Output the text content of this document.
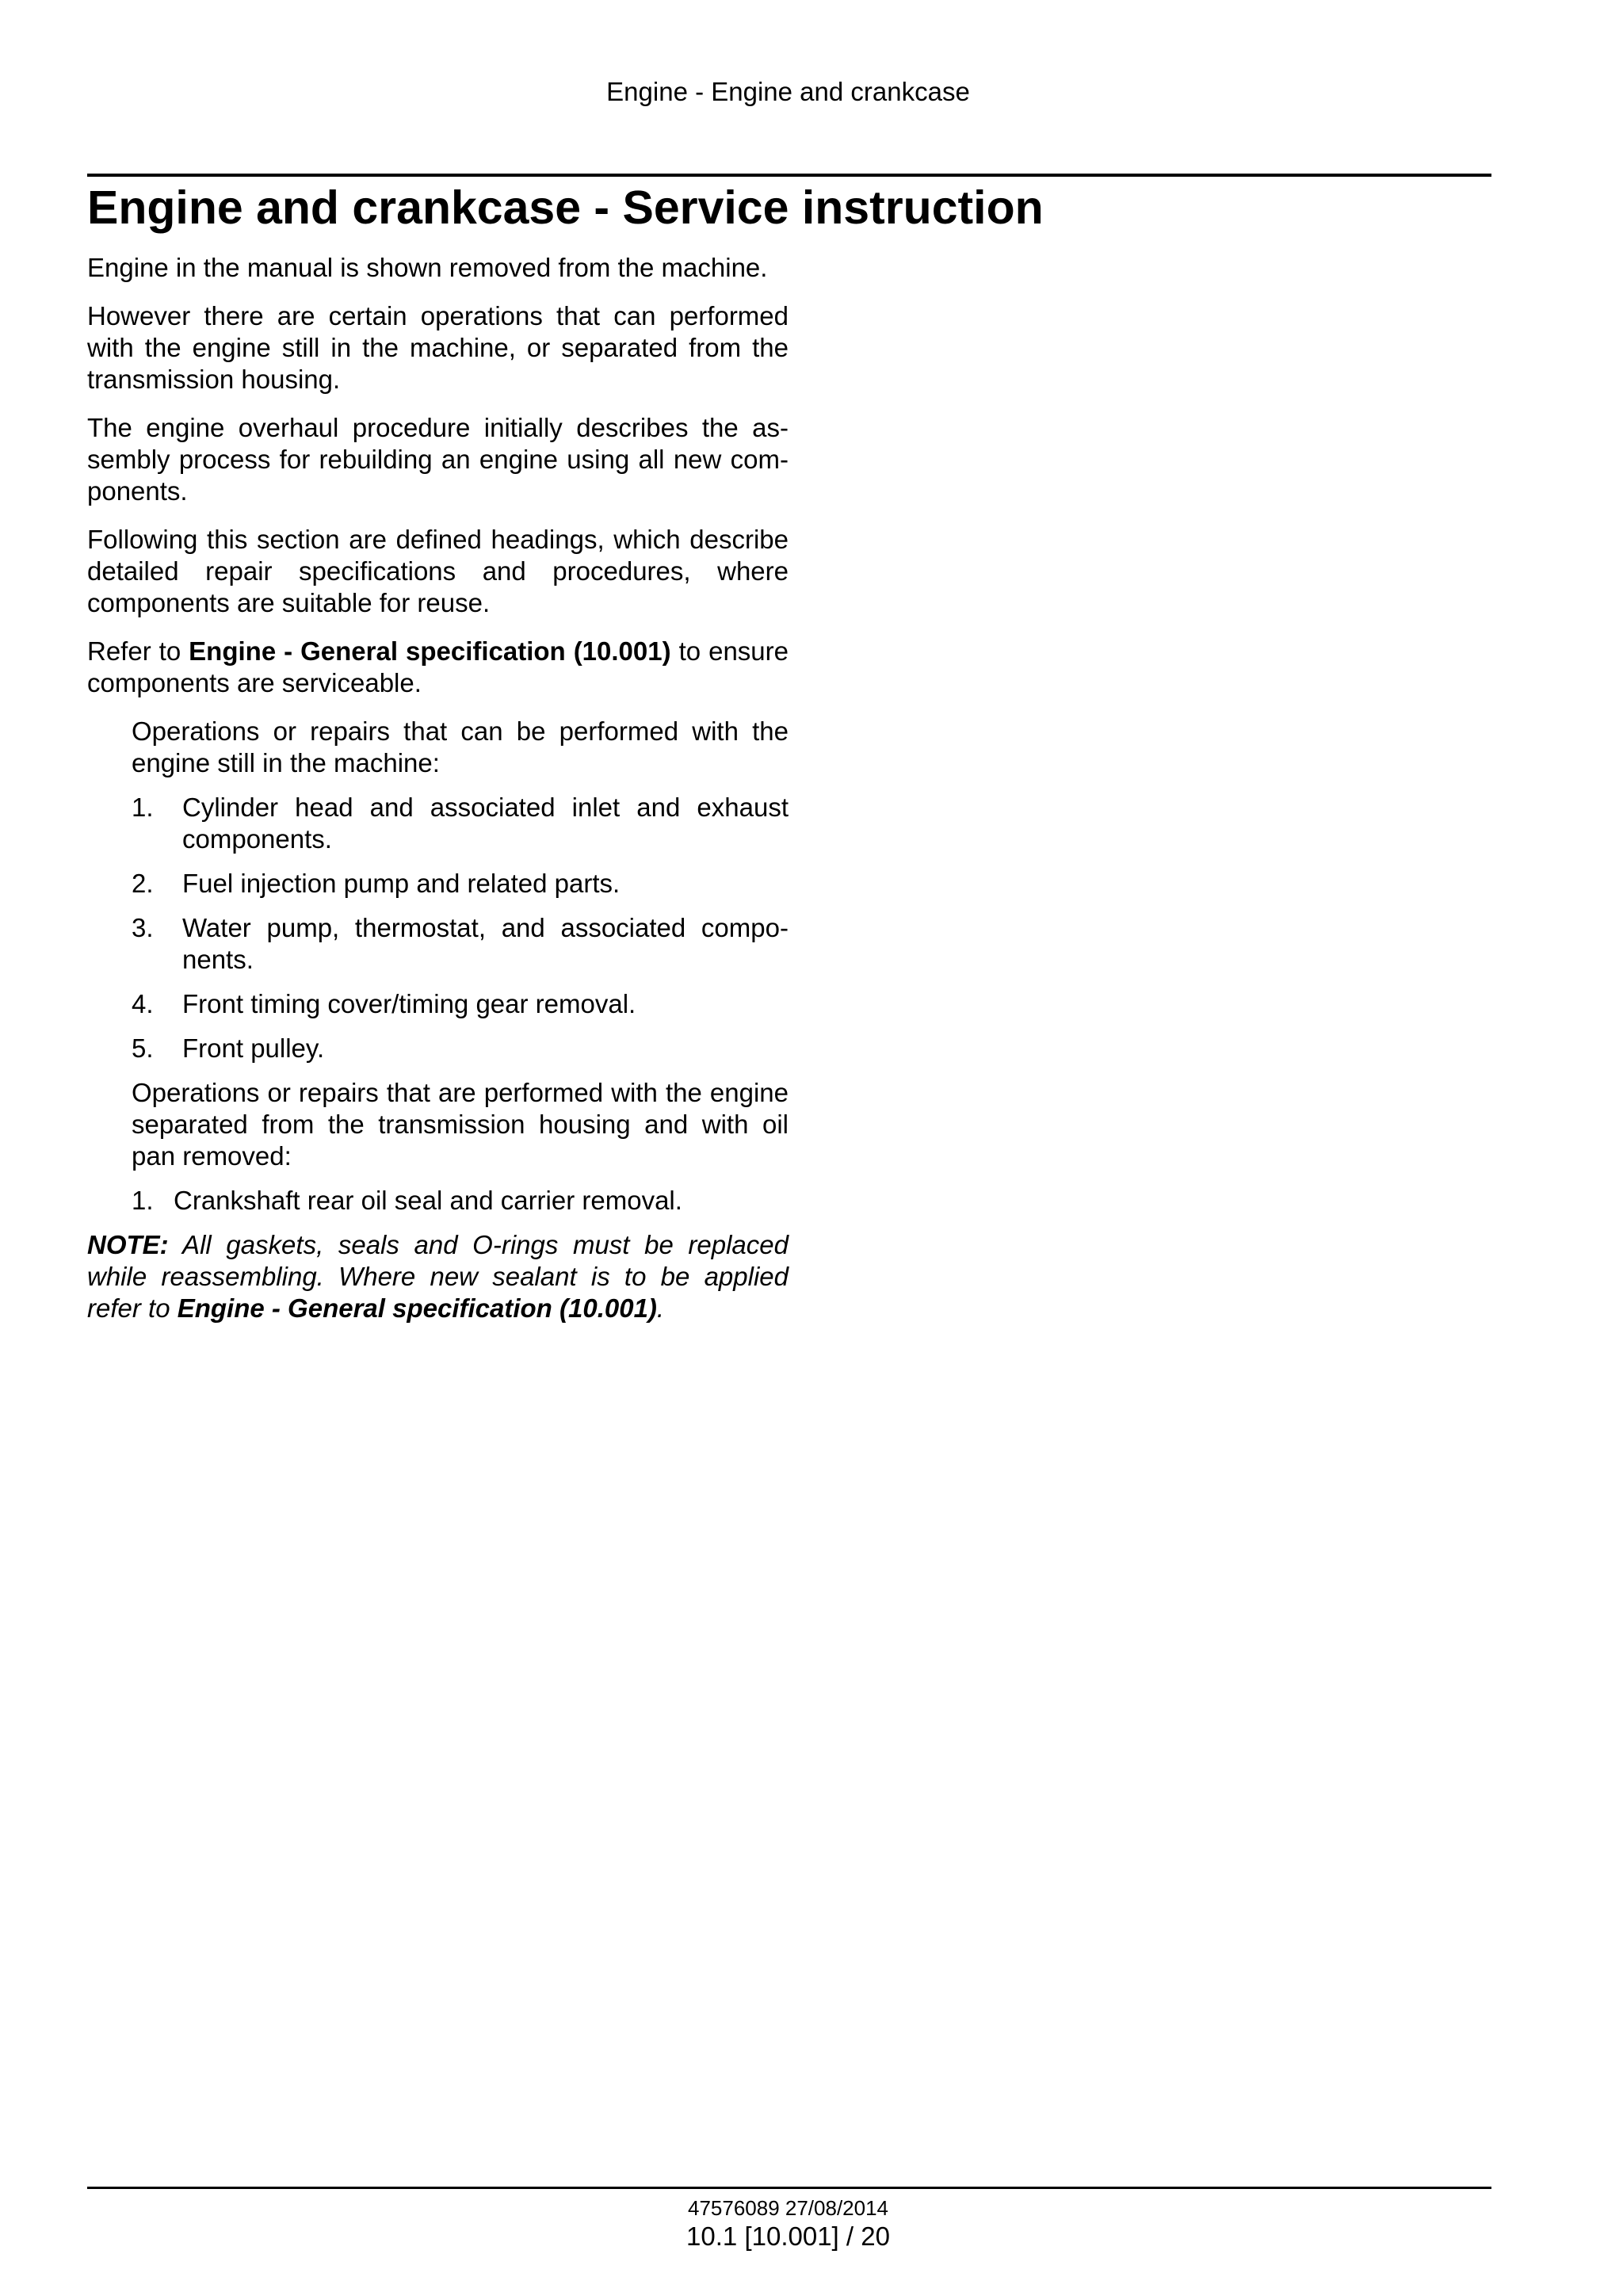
Engine - Engine and crankcase
Engine and crankcase - Service instruction

Engine in the manual is shown removed from the machine.

However there are certain operations that can performed with the engine still in the machine, or separated from the transmission housing.

The engine overhaul procedure initially describes the assembly process for rebuilding an engine using all new components.

Following this section are defined headings, which describe detailed repair specifications and procedures, where components are suitable for reuse.

Refer to Engine - General specification (10.001) to ensure components are serviceable.

Operations or repairs that can be performed with the engine still in the machine:

1.	Cylinder head and associated inlet and exhaust components.
2.	Fuel injection pump and related parts.
3.	Water pump, thermostat, and associated components.
4.	Front timing cover/timing gear removal.
5.	Front pulley.

Operations or repairs that are performed with the engine separated from the transmission housing and with oil pan removed:

1. Crankshaft rear oil seal and carrier removal.

NOTE: All gaskets, seals and O-rings must be replaced while reassembling. Where new sealant is to be applied refer to Engine - General specification (10.001).

47576089 27/08/2014
10.1 [10.001] / 20
